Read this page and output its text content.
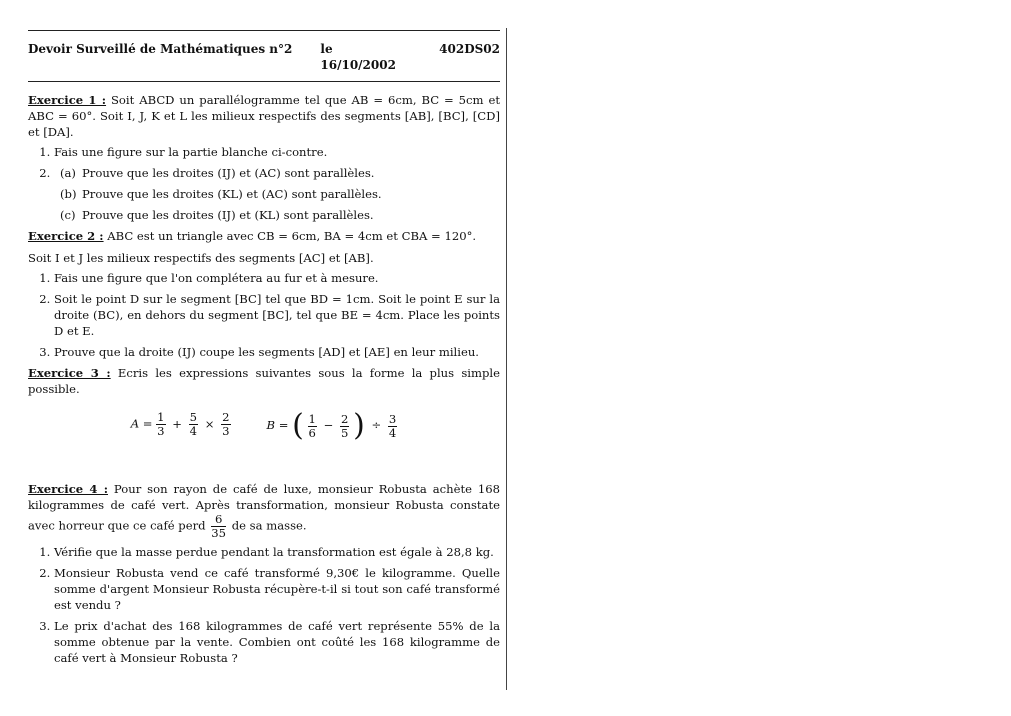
Devoir Surveillé de Mathématiques n°2 le 16/10/2002
402DS02

Exercice 1 : Soit ABCD un parallélogramme tel que AB = 6cm, BC = 5cm et ABC = 60°. Soit I, J, K et L les milieux respectifs des segments [AB], [BC], [CD] et [DA].

1. Fais une figure sur la partie blanche ci-contre.
2. (a) Prouve que les droites (IJ) et (AC) sont parallèles.
(b) Prouve que les droites (KL) et (AC) sont parallèles.
(c) Prouve que les droites (IJ) et (KL) sont parallèles.

Exercice 2 : ABC est un triangle avec CB = 6cm, BA = 4cm et CBA = 120°.

Soit I et J les milieux respectifs des segments [AC] et [AB].

1. Fais une figure que l'on complétera au fur et à mesure.
2. Soit le point D sur le segment [BC] tel que BD = 1cm. Soit le point E sur la droite (BC), en dehors du segment [BC], tel que BE = 4cm. Place les points D et E.
3. Prouve que la droite (IJ) coupe les segments [AD] et [AE] en leur milieu.

Exercice 3 : Ecris les expressions suivantes sous la forme la plus simple possible.

$A = \frac{1}{3} + \frac{5}{4} \times \frac{2}{3}$	B = ( $\frac{1}{6} - \frac{2}{5}$ ) ÷ $\frac{3}{4}$

Exercice 4 : Pour son rayon de café de luxe, monsieur Robusta achète 168 kilogrammes de café vert. Après transformation, monsieur Robusta constate avec horreur que ce café perd $\frac{6}{35}$ de sa masse.

1. Vérifie que la masse perdue pendant la transformation est égale à 28,8 kg.
2. Monsieur Robusta vend ce café transformé 9,30€ le kilogramme. Quelle somme d'argent Monsieur Robusta récupère-t-il si tout son café transformé est vendu ?
3. Le prix d'achat des 168 kilogrammes de café vert représente 55% de la somme obtenue par la vente. Combien ont coûté les 168 kilogramme de café vert à Monsieur Robusta ?
